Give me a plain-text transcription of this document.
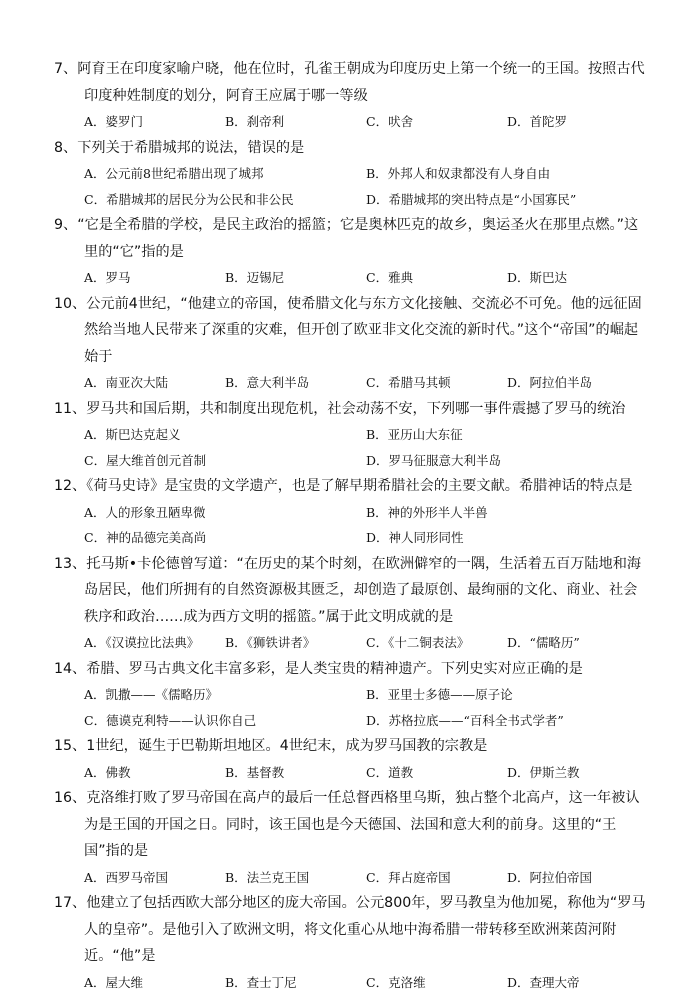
7、阿育王在印度家喻户晓，他在位时，孔雀王朝成为印度历史上第一个统一的王国。按照古代印度种姓制度的划分，阿育王应属于哪一等级

A．婆罗门	B．刹帝利	C．吠舍	D．首陀罗

8、下列关于希腊城邦的说法，错误的是

A．公元前8世纪希腊出现了城邦	B．外邦人和奴隶都没有人身自由
C．希腊城邦的居民分为公民和非公民	D．希腊城邦的突出特点是“小国寡民”

9、“它是全希腊的学校，是民主政治的摇篮；它是奥林匹克的故乡，奥运圣火在那里点燃。”这里的“它”指的是

A．罗马	B．迈锡尼	C．雅典	D．斯巴达

10、公元前4世纪，“他建立的帝国，使希腊文化与东方文化接触、交流必不可免。他的远征固然给当地人民带来了深重的灾难，但开创了欧亚非文化交流的新时代。”这个“帝国”的崛起始于

A．南亚次大陆	B．意大利半岛	C．希腊马其顿	D．阿拉伯半岛

11、罗马共和国后期，共和制度出现危机，社会动荡不安，下列哪一事件震撼了罗马的统治

A．斯巴达克起义	B．亚历山大东征
C．屋大维首创元首制	D．罗马征服意大利半岛

12、《荷马史诗》是宝贵的文学遗产，也是了解早期希腊社会的主要文献。希腊神话的特点是

A．人的形象丑陋卑微	B．神的外形半人半兽
C．神的品德完美高尚	D．神人同形同性

13、托马斯•卡伦德曾写道：“在历史的某个时刻，在欧洲僻窄的一隅，生活着五百万陆地和海岛居民，他们所拥有的自然资源极其匮乏，却创造了最原创、最绚丽的文化、商业、社会秩序和政治……成为西方文明的摇篮。”属于此文明成就的是

A．《汉谟拉比法典》	B．《狮铁讲者》	C．《十二铜表法》	D．“儒略历”

14、希腊、罗马古典文化丰富多彩，是人类宝贵的精神遗产。下列史实对应正确的是

A．凯撒——《儒略历》	B．亚里士多德——原子论
C．德谟克利特——认识你自己	D．苏格拉底——“百科全书式学者”

15、1世纪，诞生于巴勒斯坦地区。4世纪末，成为罗马国教的宗教是

A．佛教	B．基督教	C．道教	D．伊斯兰教

16、克洛维打败了罗马帝国在高卢的最后一任总督西格里乌斯，独占整个北高卢，这一年被认为是王国的开国之日。同时，该王国也是今天德国、法国和意大利的前身。这里的“王国”指的是

A．西罗马帝国	B．法兰克王国	C．拜占庭帝国	D．阿拉伯帝国

17、他建立了包括西欧大部分地区的庞大帝国。公元800年，罗马教皇为他加冕，称他为“罗马人的皇帝”。是他引入了欧洲文明，将文化重心从地中海希腊一带转移至欧洲莱茵河附近。“他”是

A．屋大维	B．查士丁尼	C．克洛维	D．查理大帝
